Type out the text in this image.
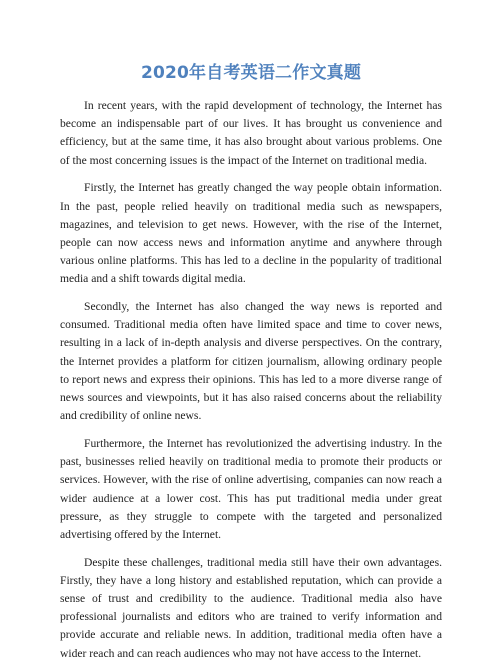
2020年自考英语二作文真题

In recent years, with the rapid development of technology, the Internet has become an indispensable part of our lives. It has brought us convenience and efficiency, but at the same time, it has also brought about various problems. One of the most concerning issues is the impact of the Internet on traditional media.

Firstly, the Internet has greatly changed the way people obtain information. In the past, people relied heavily on traditional media such as newspapers, magazines, and television to get news. However, with the rise of the Internet, people can now access news and information anytime and anywhere through various online platforms. This has led to a decline in the popularity of traditional media and a shift towards digital media.

Secondly, the Internet has also changed the way news is reported and consumed. Traditional media often have limited space and time to cover news, resulting in a lack of in-depth analysis and diverse perspectives. On the contrary, the Internet provides a platform for citizen journalism, allowing ordinary people to report news and express their opinions. This has led to a more diverse range of news sources and viewpoints, but it has also raised concerns about the reliability and credibility of online news.

Furthermore, the Internet has revolutionized the advertising industry. In the past, businesses relied heavily on traditional media to promote their products or services. However, with the rise of online advertising, companies can now reach a wider audience at a lower cost. This has put traditional media under great pressure, as they struggle to compete with the targeted and personalized advertising offered by the Internet.

Despite these challenges, traditional media still have their own advantages. Firstly, they have a long history and established reputation, which can provide a sense of trust and credibility to the audience. Traditional media also have professional journalists and editors who are trained to verify information and provide accurate and reliable news. In addition, traditional media often have a wider reach and can reach audiences who may not have access to the Internet.
